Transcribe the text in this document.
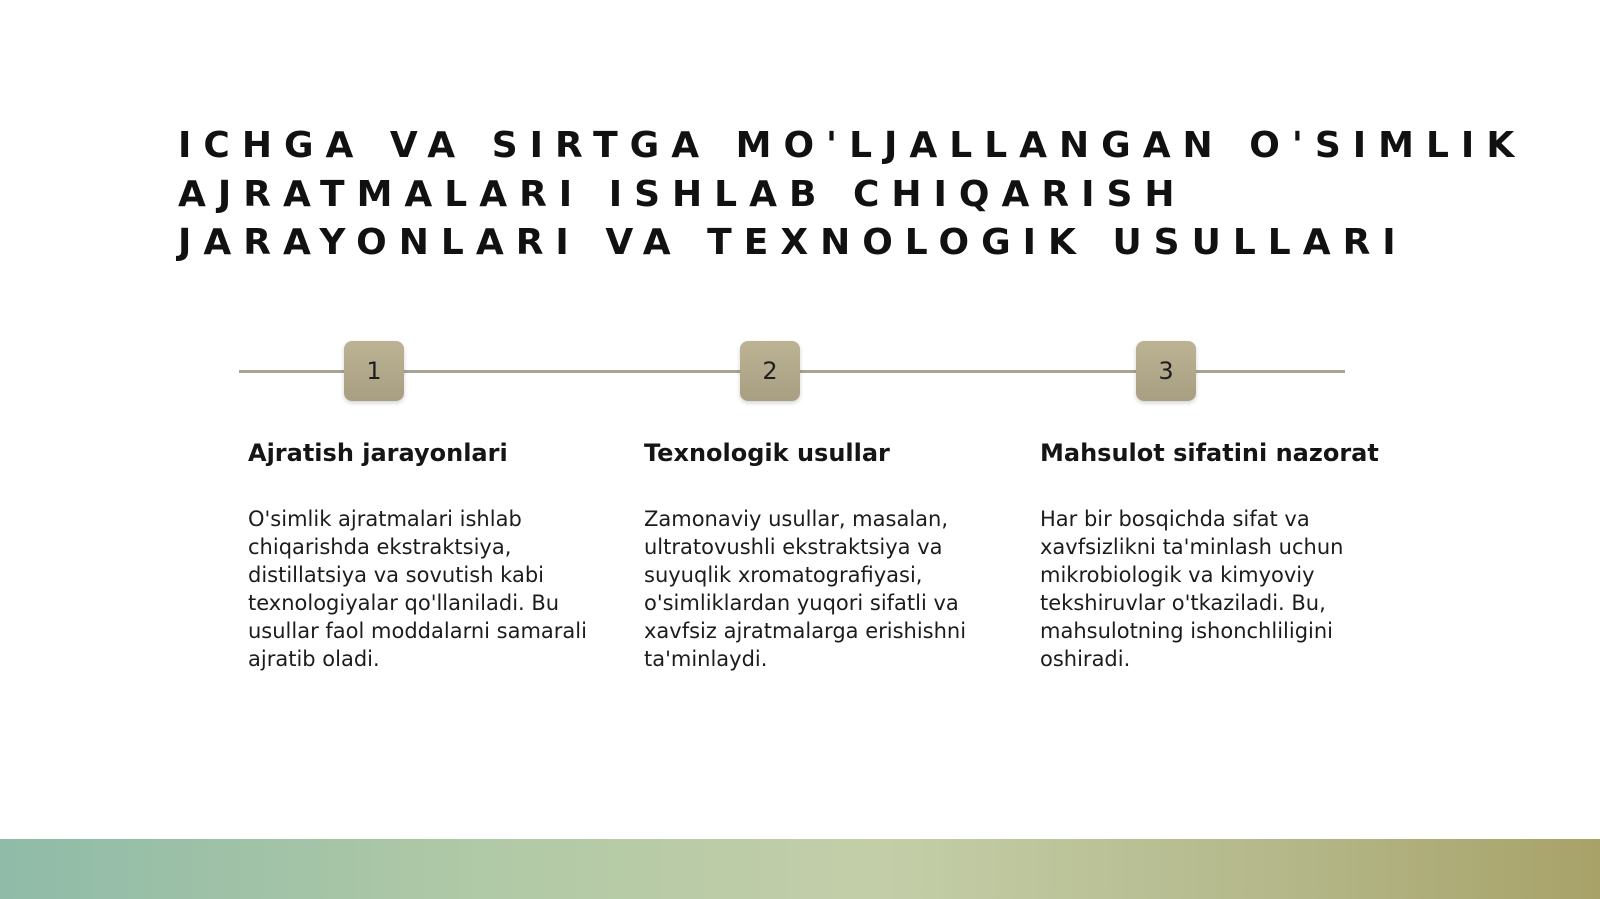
ICHGA VA SIRTGA MO'LJALLANGAN O'SIMLIK AJRATMALARI ISHLAB CHIQARISH JARAYONLARI VA TEXNOLOGIK USULLARI
1	2	3
Ajratish jarayonlari

O'simlik ajratmalari ishlab chiqarishda ekstraktsiya, distillatsiya va sovutish kabi texnologiyalar qo'llaniladi. Bu usullar faol moddalarni samarali ajratib oladi.

Texnologik usullar

Zamonaviy usullar, masalan, ultratovushli ekstraktsiya va suyuqlik xromatografiyasi, o'simliklardan yuqori sifatli va xavfsiz ajratmalarga erishishni ta'minlaydi.

Mahsulot sifatini nazorat

Har bir bosqichda sifat va xavfsizlikni ta'minlash uchun mikrobiologik va kimyoviy tekshiruvlar o'tkaziladi. Bu, mahsulotning ishonchliligini oshiradi.
